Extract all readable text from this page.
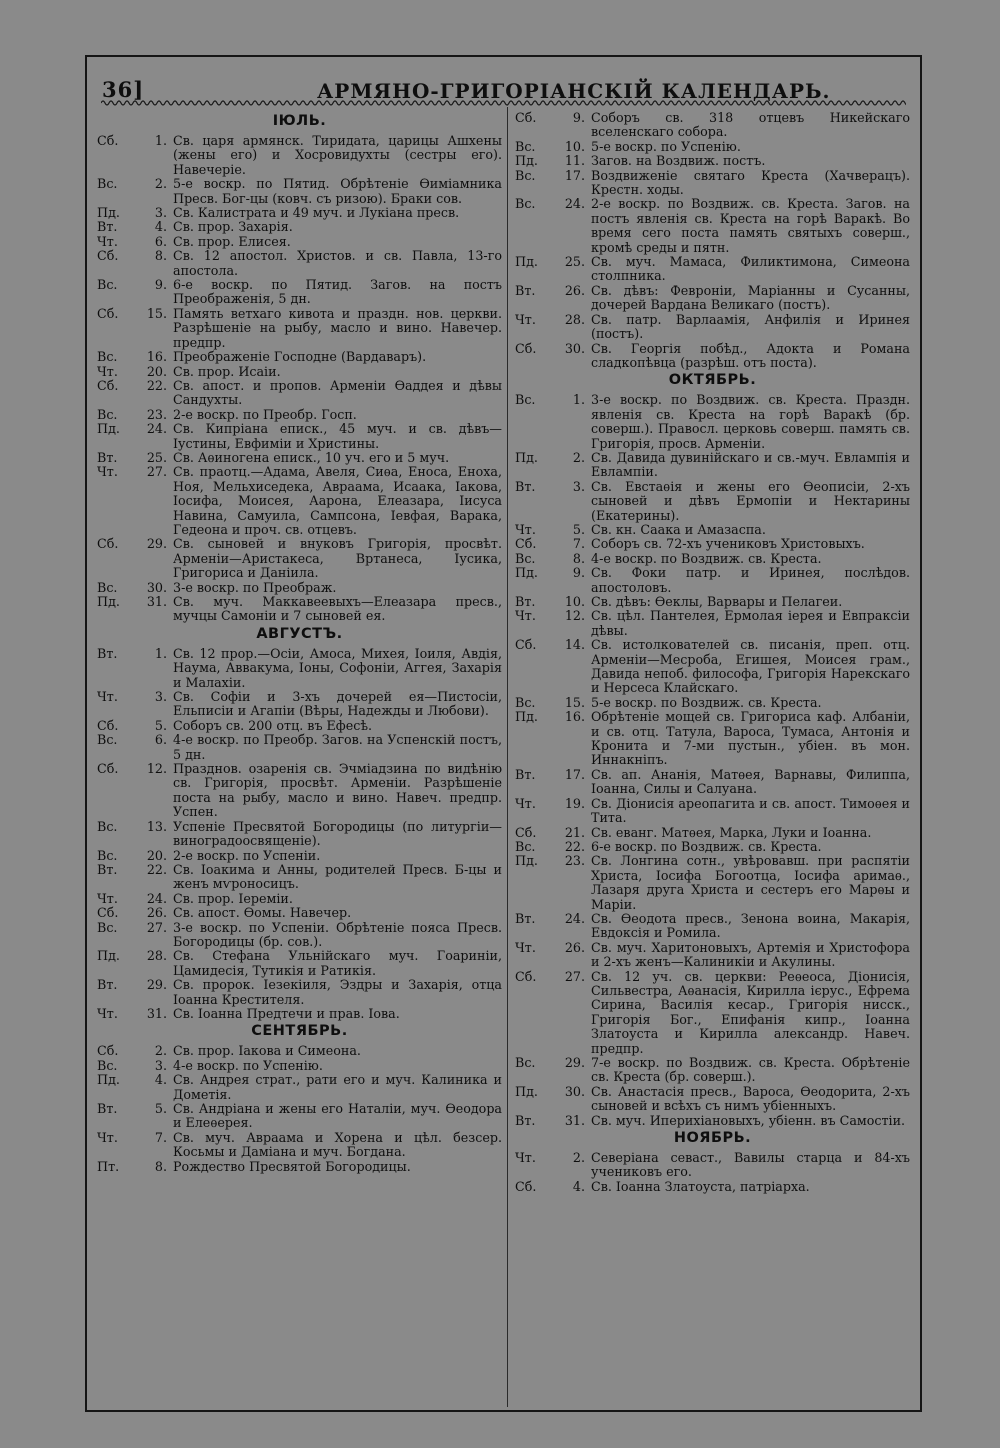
36]	АРМЯНО-ГРИГОРІАНСКІЙ КАЛЕНДАРЬ.
ІЮЛЬ.
Сб.	1. Св. царя армянск. Тиридата, царицы Ашхены (жены его) и Хосровидухты (сестры его). Навечеріе.
Вс.	2. 5-е воскр. по Пятид. Обрѣтеніе Ѳиміамника Пресв. Бог-цы (ковч. съ ризою). Браки сов.
Пд.	3. Св. Калистрата и 49 муч. и Лукіана пресв.
Вт.	4. Св. прор. Захарія.
Чт.	6. Св. прор. Елисея.
Сб.	8. Св. 12 апостол. Христов. и св. Павла, 13-го апостола.
Вс.	9. 6-е воскр. по Пятид. Загов. на постъ Преображенія, 5 дн.
Сб.	15. Память ветхаго кивота и праздн. нов. церкви. Разрѣшеніе на рыбу, масло и вино. Навечер. предпр.
Вс.	16. Преображеніе Господне (Вардаваръ).
Чт.	20. Св. прор. Исаіи.
Сб.	22. Св. апост. и пропов. Арменіи Ѳаддея и дѣвы Сандухты.
Вс.	23. 2-е воскр. по Преобр. Госп.
Пд.	24. Св. Кипріана еписк., 45 муч. и св. дѣвъ—Іустины, Евфиміи и Христины.
Вт.	25. Св. Аѳиногена еписк., 10 уч. его и 5 муч.
Чт.	27. Св. праотц.—Адама, Авеля, Сиѳа, Еноса, Еноха, Ноя, Мельхиседека, Авраама, Исаака, Іакова, Іосифа, Моисея, Аарона, Елеазара, Іисуса Навина, Самуила, Сампсона, Іевфая, Варака, Гедеона и проч. св. отцевъ.
Сб.	29. Св. сыновей и внуковъ Григорія, просвѣт. Арменіи—Аристакеса, Вртанеса, Іусика, Григориса и Даніила.
Вс.	30. 3-е воскр. по Преображ.
Пд.	31. Св. муч. Маккавеевыхъ—Елеазара пресв., мучцы Самоніи и 7 сыновей ея.
АВГУСТЪ.
Вт.	1. Св. 12 прор.—Осіи, Амоса, Михея, Іоиля, Авдія, Наума, Аввакума, Іоны, Софоніи, Аггея, Захарія и Малахіи.
Чт.	3. Св. Софіи и 3-хъ дочерей ея—Пистосіи, Ельписіи и Агапіи (Вѣры, Надежды и Любови).
Сб.	5. Соборъ св. 200 отц. въ Ефесѣ.
Вс.	6. 4-е воскр. по Преобр. Загов. на Успенскій постъ, 5 дн.
Сб.	12. Празднов. озаренія св. Эчміадзина по видѣнію св. Григорія, просвѣт. Арменіи. Разрѣшеніе поста на рыбу, масло и вино. Навеч. предпр. Успен.
Вс.	13. Успеніе Пресвятой Богородицы (по литургіи—виноградоосвященіе).
Вс.	20. 2-е воскр. по Успеніи.
Вт.	22. Св. Іоакима и Анны, родителей Пресв. Б-цы и женъ мѵроносицъ.
Чт.	24. Св. прор. Іереміи.
Сб.	26. Св. апост. Ѳомы. Навечер.
Вс.	27. 3-е воскр. по Успеніи. Обрѣтеніе пояса Пресв. Богородицы (бр. сов.).
Пд.	28. Св. Стефана Ульнійскаго муч. Гоариніи, Цамидесія, Тутикія и Ратикія.
Вт.	29. Св. пророк. Іезекіиля, Эздры и Захарія, отца Іоанна Крестителя.
Чт.	31. Св. Іоанна Предтечи и прав. Іова.
СЕНТЯБРЬ.
Сб.	2. Св. прор. Іакова и Симеона.
Вс.	3. 4-е воскр. по Успенію.
Пд.	4. Св. Андрея страт., рати его и муч. Калиника и Дометія.
Вт.	5. Св. Андріана и жены его Наталіи, муч. Ѳеодора и Елеѳерея.
Чт.	7. Св. муч. Авраама и Хорена и цѣл. безсер. Косьмы и Даміана и муч. Богдана.
Пт.	8. Рождество Пресвятой Богородицы.
Сб.	9. Соборъ св. 318 отцевъ Никейскаго вселенскаго собора.
Вс.	10. 5-е воскр. по Успенію.
Пд.	11. Загов. на Воздвиж. постъ.
Вс.	17. Воздвиженіе святаго Креста (Хачверацъ). Крестн. ходы.
Вс.	24. 2-е воскр. по Воздвиж. св. Креста. Загов. на постъ явленія св. Креста на горѣ Варакѣ. Во время сего поста память святыхъ соверш., кромѣ среды и пятн.
Пд.	25. Св. муч. Мамаса, Филиктимона, Симеона столпника.
Вт.	26. Св. дѣвъ: Февроніи, Маріанны и Сусанны, дочерей Вардана Великаго (постъ).
Чт.	28. Св. патр. Варлаамія, Анфилія и Иринея (постъ).
Сб.	30. Св. Георгія побѣд., Адокта и Романа сладкопѣвца (разрѣш. отъ поста).
ОКТЯБРЬ.
Вс.	1. 3-е воскр. по Воздвиж. св. Креста. Праздн. явленія св. Креста на горѣ Варакѣ (бр. соверш.). Правосл. церковь соверш. память св. Григорія, просв. Арменіи.
Пд.	2. Св. Давида дувинійскаго и св.-муч. Евлампія и Евлампіи.
Вт.	3. Св. Евстаѳія и жены его Ѳеописіи, 2-хъ сыновей и дѣвъ Ермопіи и Нектарины (Екатерины).
Чт.	5. Св. кн. Саака и Амазаспа.
Сб.	7. Соборъ св. 72-хъ учениковъ Христовыхъ.
Вс.	8. 4-е воскр. по Воздвиж. св. Креста.
Пд.	9. Св. Фоки патр. и Иринея, послѣдов. апостоловъ.
Вт.	10. Св. дѣвъ: Ѳеклы, Варвары и Пелагеи.
Чт.	12. Св. цѣл. Пантелея, Ермолая іерея и Евпраксіи дѣвы.
Сб.	14. Св. истолкователей св. писанія, преп. отц. Арменіи—Месроба, Егишея, Моисея грам., Давида непоб. философа, Григорія Нарекскаго и Нерсеса Клайскаго.
Вс.	15. 5-е воскр. по Воздвиж. св. Креста.
Пд.	16. Обрѣтеніе мощей св. Григориса каф. Албаніи, и св. отц. Татула, Вароса, Тумаса, Антонія и Кронита и 7-ми пустын., убіен. въ мон. Иннакніпъ.
Вт.	17. Св. ап. Ананія, Матѳея, Варнавы, Филиппа, Іоанна, Силы и Салуана.
Чт.	19. Св. Діонисія ареопагита и св. апост. Тимоѳея и Тита.
Сб.	21. Св. еванг. Матѳея, Марка, Луки и Іоанна.
Вс.	22. 6-е воскр. по Воздвиж. св. Креста.
Пд.	23. Св. Лонгина сотн., увѣровавш. при распятіи Христа, Іосифа Богоотца, Іосифа аримаѳ., Лазаря друга Христа и сестеръ его Марѳы и Маріи.
Вт.	24. Св. Ѳеодота пресв., Зенона воина, Макарія, Евдоксія и Ромила.
Чт.	26. Св. муч. Харитоновыхъ, Артемія и Христофора и 2-хъ женъ—Калиникіи и Акулины.
Сб.	27. Св. 12 уч. св. церкви: Реѳеоса, Діонисія, Сильвестра, Аѳанасія, Кирилла ієрус., Ефрема Сирина, Василія кесар., Григорія нисск., Григорія Бог., Епифанія кипр., Іоанна Златоуста и Кирилла александр. Навеч. предпр.
Вс.	29. 7-е воскр. по Воздвиж. св. Креста. Обрѣтеніе св. Креста (бр. соверш.).
Пд.	30. Св. Анастасія пресв., Вароса, Ѳеодорита, 2-хъ сыновей и всѣхъ съ нимъ убіенныхъ.
Вт.	31. Св. муч. Иперихіановыхъ, убіенн. въ Самостіи.
НОЯБРЬ.
Чт.	2. Северіана севаст., Вавилы старца и 84-хъ учениковъ его.
Сб.	4. Св. Іоанна Златоуста, патріарха.
